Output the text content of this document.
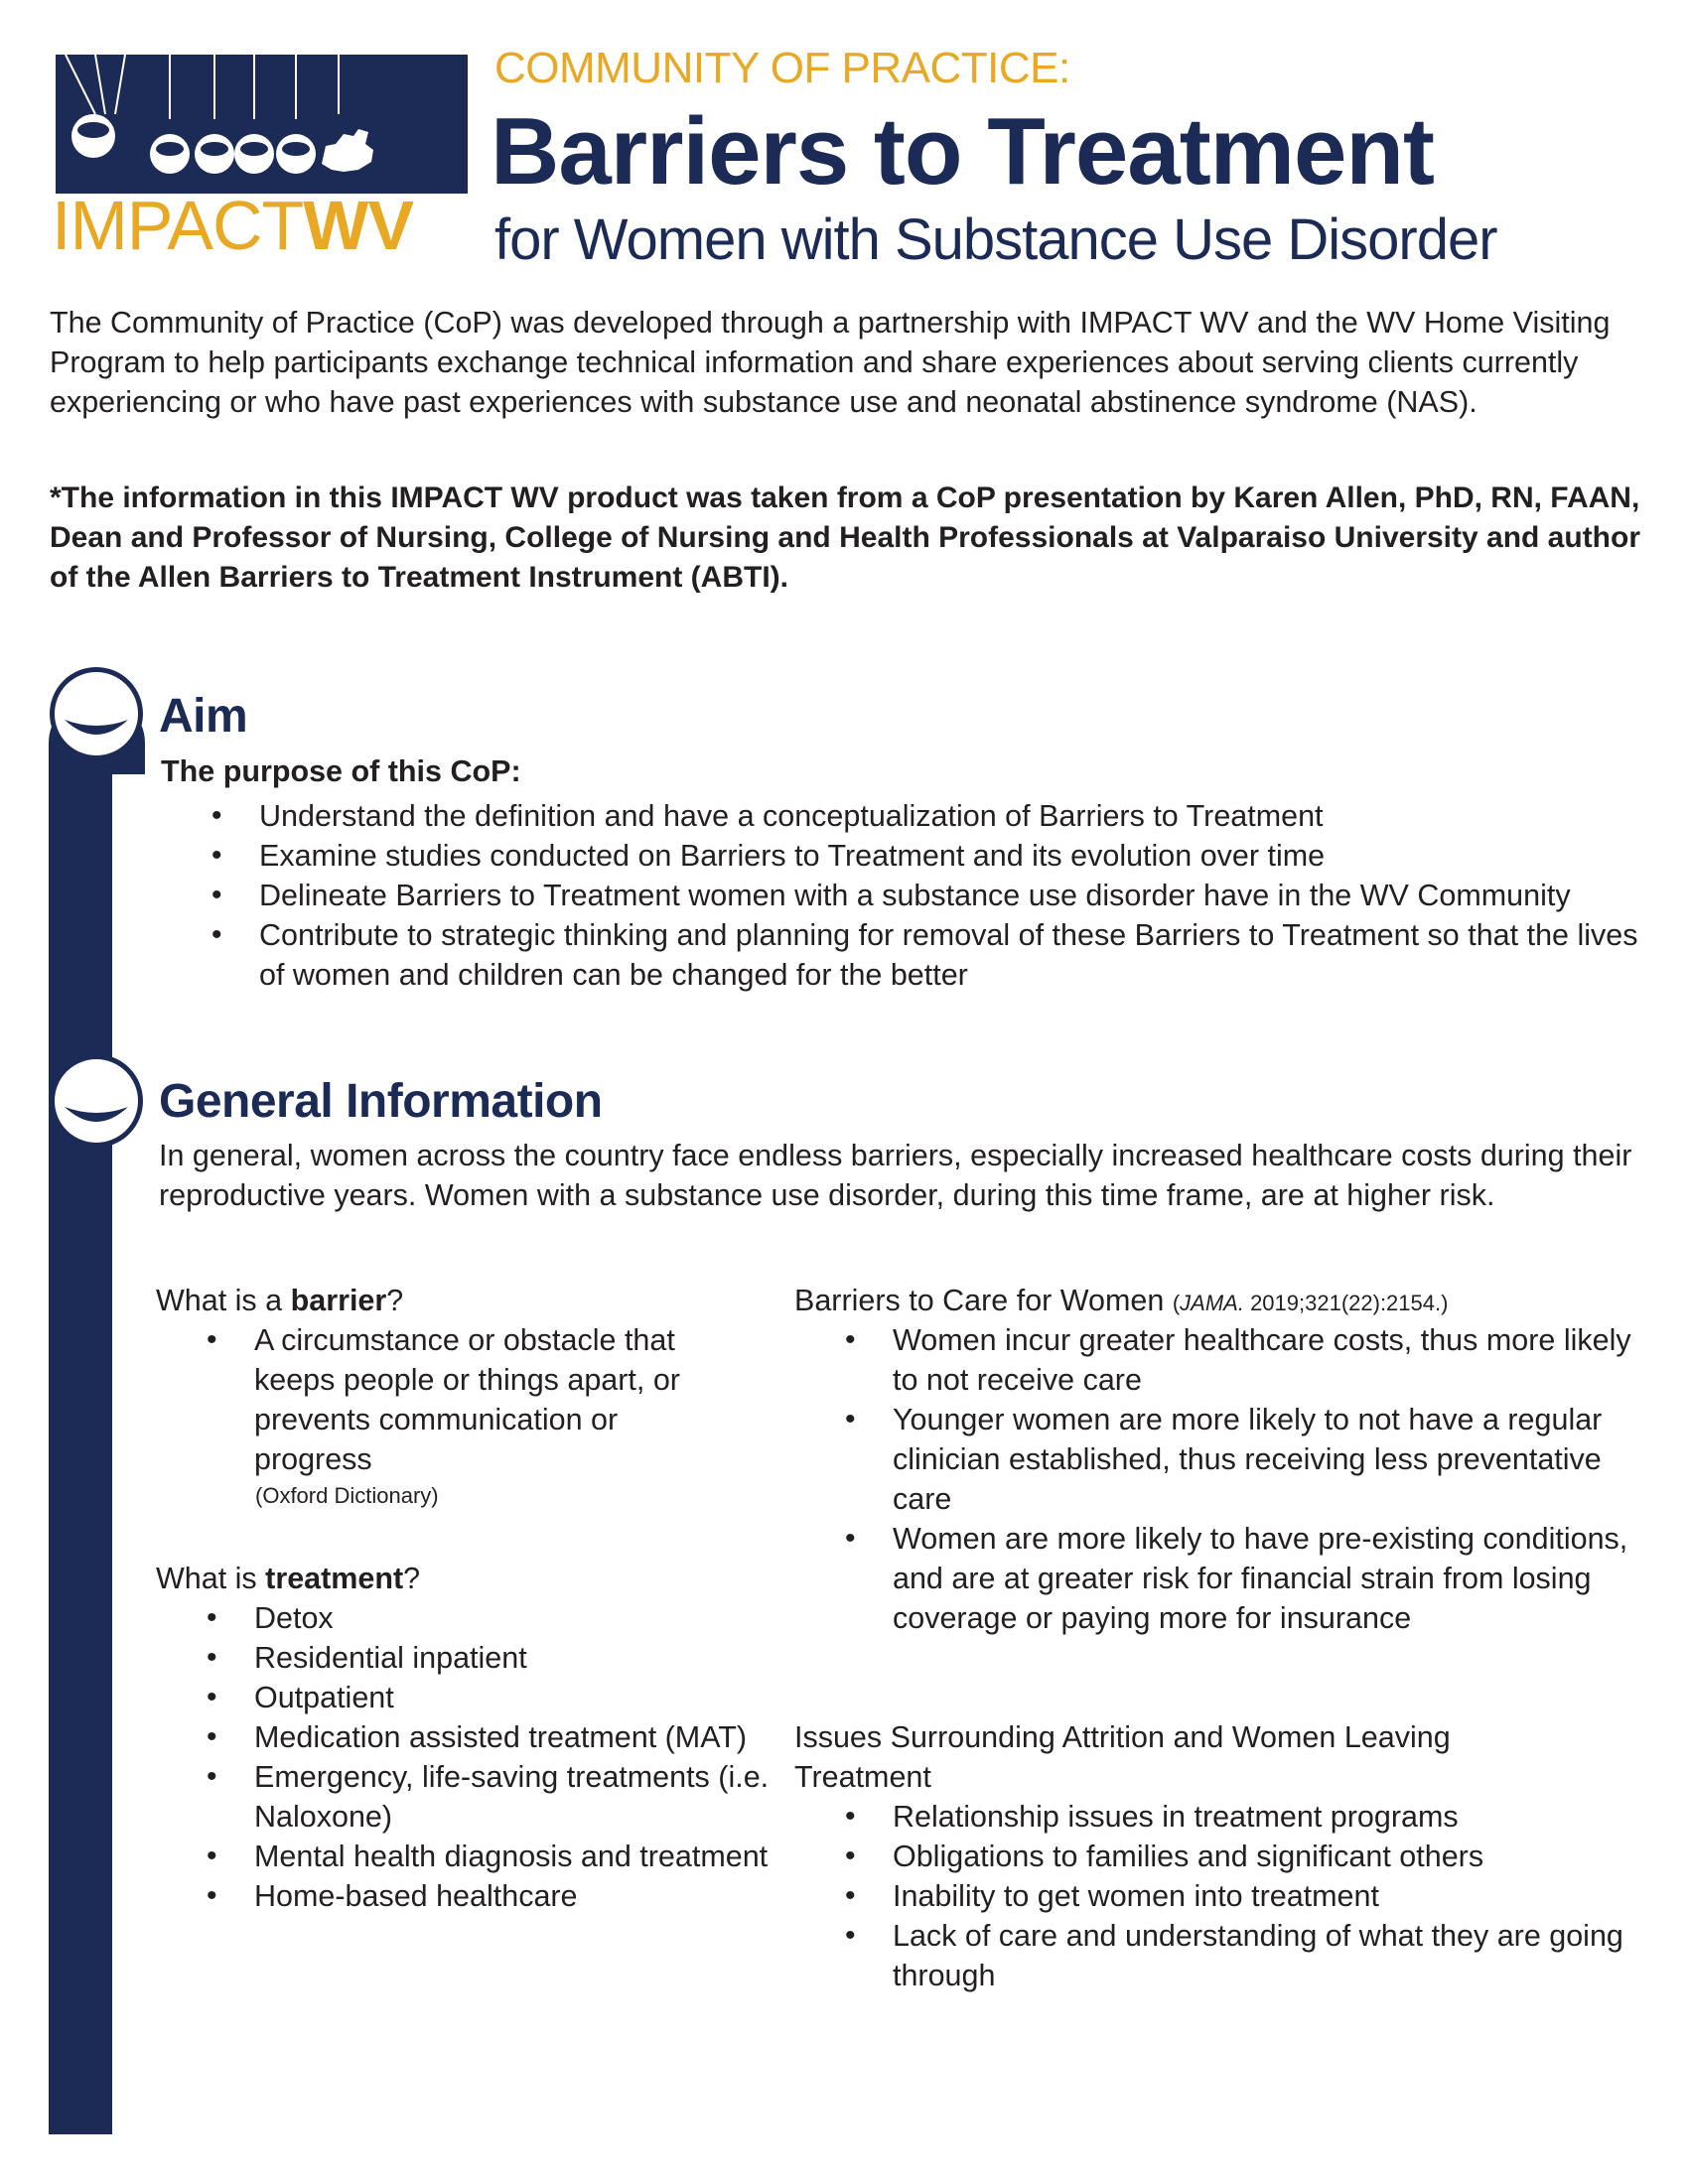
IMPACTWV
COMMUNITY OF PRACTICE:
Barriers to Treatment
for Women with Substance Use Disorder

The Community of Practice (CoP) was developed through a partnership with IMPACT WV and the WV Home Visiting Program to help participants exchange technical information and share experiences about serving clients currently experiencing or who have past experiences with substance use and neonatal abstinence syndrome (NAS).

*The information in this IMPACT WV product was taken from a CoP presentation by Karen Allen, PhD, RN, FAAN, Dean and Professor of Nursing, College of Nursing and Health Professionals at Valparaiso University and author of the Allen Barriers to Treatment Instrument (ABTI).

Aim

The purpose of this CoP:

• Understand the definition and have a conceptualization of Barriers to Treatment
• Examine studies conducted on Barriers to Treatment and its evolution over time
• Delineate Barriers to Treatment women with a substance use disorder have in the WV Community
• Contribute to strategic thinking and planning for removal of these Barriers to Treatment so that the lives of women and children can be changed for the better
General Information

In general, women across the country face endless barriers, especially increased healthcare costs during their reproductive years. Women with a substance use disorder, during this time frame, are at higher risk.

What is a barrier?

• A circumstance or obstacle that keeps people or things apart, or prevents communication or progress

(Oxford Dictionary)

What is treatment?

• Detox
• Residential inpatient
• Outpatient
• Medication assisted treatment (MAT)
• Emergency, life-saving treatments (i.e. Naloxone)
• Mental health diagnosis and treatment
• Home-based healthcare

Barriers to Care for Women (JAMA. 2019;321(22):2154.)

• Women incur greater healthcare costs, thus more likely to not receive care
• Younger women are more likely to not have a regular clinician established, thus receiving less preventative care
• Women are more likely to have pre-existing conditions, and are at greater risk for financial strain from losing coverage or paying more for insurance

Issues Surrounding Attrition and Women Leaving
Treatment

• Relationship issues in treatment programs
• Obligations to families and significant others
• Inability to get women into treatment
• Lack of care and understanding of what they are going through
